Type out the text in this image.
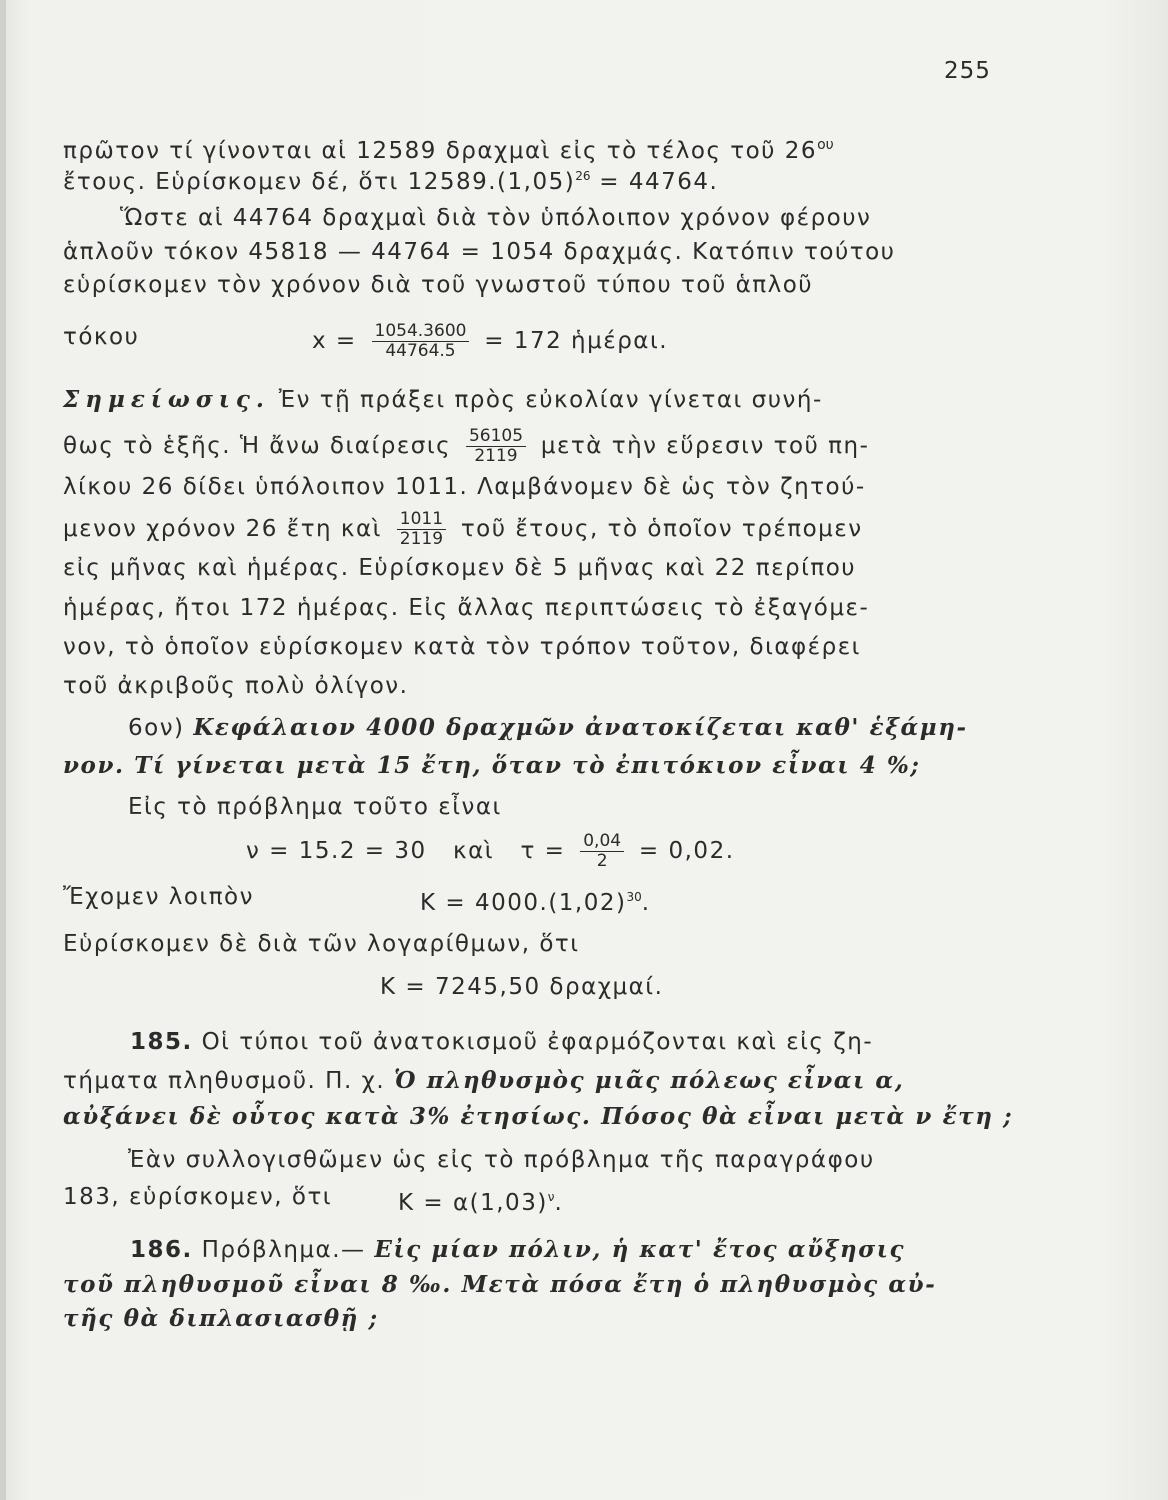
255
πρῶτον τί γίνονται αἱ 12589 δραχμαὶ εἰς τὸ τέλος τοῦ $26^{o\upsilon}$
ἔτους. Εὑρίσκομεν δέ, ὅτι $12589.(1,05)^{26} = 44764$.
Ὥστε αἱ 44764 δραχμαὶ διὰ τὸν ὑπόλοιπον χρόνον φέρουν
ἁπλοῦν τόκον 45818 — 44764 = 1054 δραχμάς. Κατόπιν τούτου
εὑρίσκομεν τὸν χρόνον διὰ τοῦ γνωστοῦ τύπου τοῦ ἁπλοῦ
τόκου	$x = \frac{1054.3600}{44764.5} = 172$ ἡμέραι.
Σημείωσις. Ἐν τῇ πράξει πρὸς εὐκολίαν γίνεται συνή-
θως τὸ ἑξῆς. Ἡ ἄνω διαίρεσις $\frac{56105}{2119}$ μετὰ τὴν εὕρεσιν τοῦ πη-
λίκου 26 δίδει ὑπόλοιπον 1011. Λαμβάνομεν δὲ ὡς τὸν ζητού-
μενον χρόνον 26 ἔτη καὶ $\frac{1011}{2119}$ τοῦ ἔτους, τὸ ὁποῖον τρέπομεν
εἰς μῆνας καὶ ἡμέρας. Εὑρίσκομεν δὲ 5 μῆνας καὶ 22 περίπου
ἡμέρας, ἤτοι 172 ἡμέρας. Εἰς ἄλλας περιπτώσεις τὸ ἐξαγόμε-
νον, τὸ ὁποῖον εὑρίσκομεν κατὰ τὸν τρόπον τοῦτον, διαφέρει
τοῦ ἀκριβοῦς πολὺ ὀλίγον.
6ον) Κεφάλαιον 4000 δραχμῶν ἀνατοκίζεται καθ' ἑξάμη-
νον. Τί γίνεται μετὰ 15 ἔτη, ὅταν τὸ ἐπιτόκιον εἶναι 4 %;
Εἰς τὸ πρόβλημα τοῦτο εἶναι
ν = 15.2 = 30   καὶ   $\tau = \frac{0,04}{2} = 0,02$.
Ἔχομεν λοιπὸν	$K = 4000.(1,02)^{30}$.
Εὑρίσκομεν δὲ διὰ τῶν λογαρίθμων, ὅτι
Κ = 7245,50 δραχμαί.
185. Οἱ τύποι τοῦ ἀνατοκισμοῦ ἐφαρμόζονται καὶ εἰς ζη-
τήματα πληθυσμοῦ. Π. χ. Ὁ πληθυσμὸς μιᾶς πόλεως εἶναι α,
αὐξάνει δὲ οὗτος κατὰ 3% ἐτησίως. Πόσος θὰ εἶναι μετὰ ν ἔτη ;
Ἐὰν συλλογισθῶμεν ὡς εἰς τὸ πρόβλημα τῆς παραγράφου
183, εὑρίσκομεν, ὅτι	$K = \alpha(1,03)^\nu$.
186. Πρόβλημα.— Εἰς μίαν πόλιν, ἡ κατ' ἔτος αὔξησις
τοῦ πληθυσμοῦ εἶναι 8 ‰. Μετὰ πόσα ἔτη ὁ πληθυσμὸς αὐ-
τῆς θὰ διπλασιασθῇ ;
